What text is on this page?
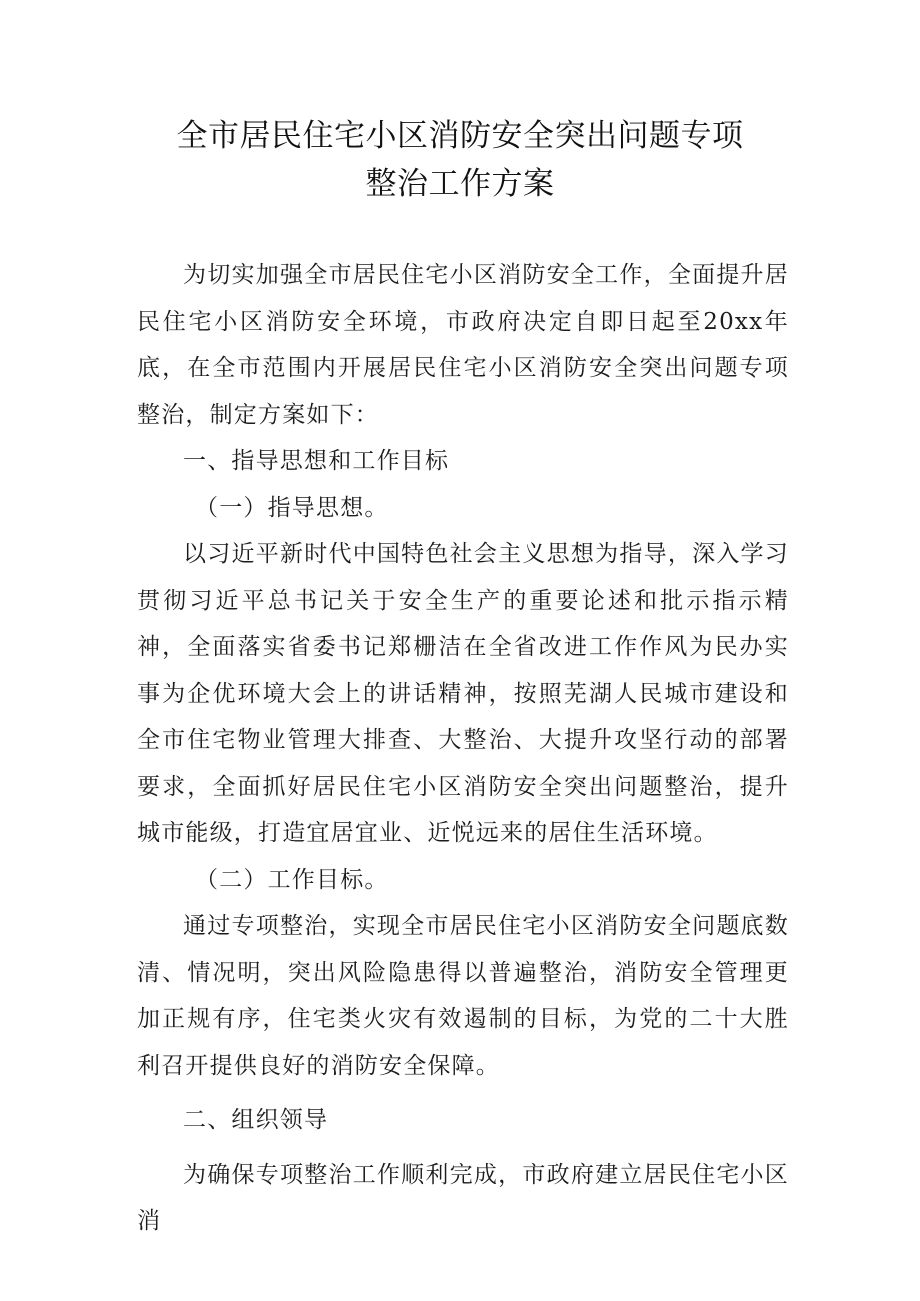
全市居民住宅小区消防安全突出问题专项
整治工作方案

为切实加强全市居民住宅小区消防安全工作，全面提升居民住宅小区消防安全环境，市政府决定自即日起至20xx年底，在全市范围内开展居民住宅小区消防安全突出问题专项整治，制定方案如下：

一、指导思想和工作目标

（一）指导思想。

以习近平新时代中国特色社会主义思想为指导，深入学习贯彻习近平总书记关于安全生产的重要论述和批示指示精神，全面落实省委书记郑栅洁在全省改进工作作风为民办实事为企优环境大会上的讲话精神，按照芜湖人民城市建设和全市住宅物业管理大排查、大整治、大提升攻坚行动的部署要求，全面抓好居民住宅小区消防安全突出问题整治，提升城市能级，打造宜居宜业、近悦远来的居住生活环境。

（二）工作目标。

通过专项整治，实现全市居民住宅小区消防安全问题底数清、情况明，突出风险隐患得以普遍整治，消防安全管理更加正规有序，住宅类火灾有效遏制的目标，为党的二十大胜利召开提供良好的消防安全保障。

二、组织领导

为确保专项整治工作顺利完成，市政府建立居民住宅小区消
